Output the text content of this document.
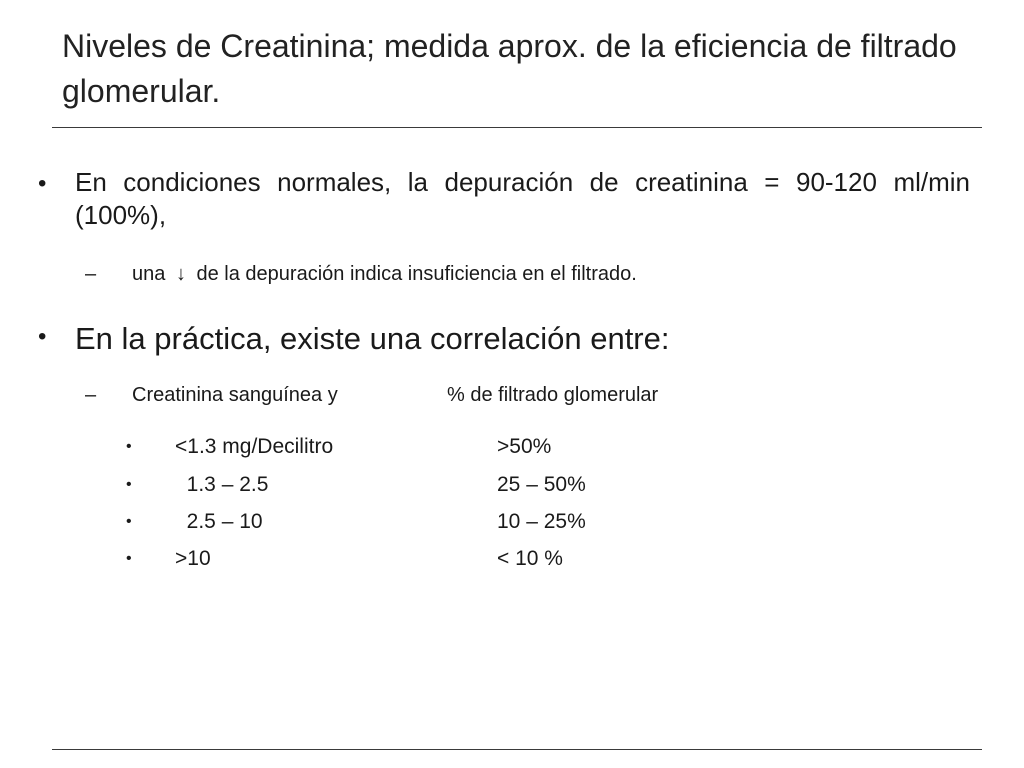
Niveles de Creatinina; medida aprox. de la eficiencia de filtrado glomerular.
• En condiciones normales, la depuración de creatinina = 90-120 ml/min (100%),
– una ↓ de la depuración indica insuficiencia en el filtrado.
• En la práctica, existe una correlación entre:
– Creatinina sanguínea y	% de filtrado glomerular
• <1.3 mg/Decilitro	>50%
• 1.3 – 2.5	25 – 50%
• 2.5 – 10	10 – 25%
• >10	< 10 %
